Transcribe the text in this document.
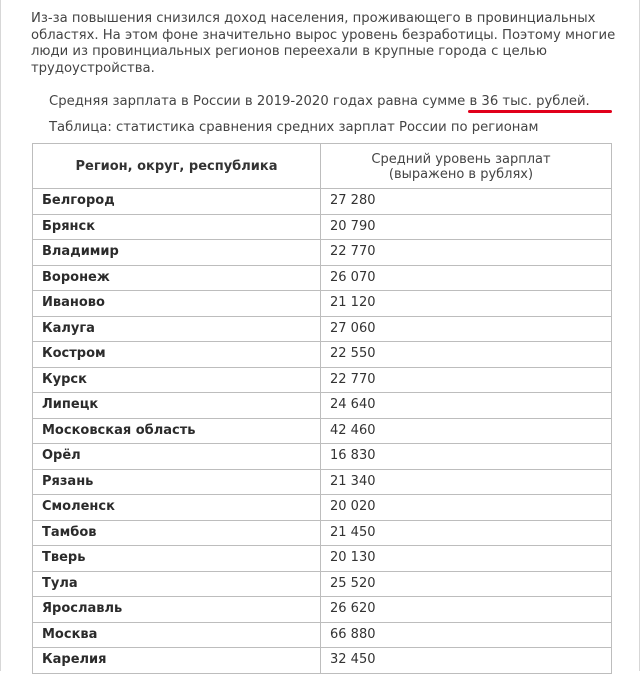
Из-за повышения снизился доход населения, проживающего в провинциальных
областях. На этом фоне значительно вырос уровень безработицы. Поэтому многие
люди из провинциальных регионов переехали в крупные города с целью
трудоустройства.
Средняя зарплата в России в 2019-2020 годах равна сумме в 36 тыс. рублей.
Таблица: статистика сравнения средних зарплат России по регионам
Регион, округ, республика	Средний уровень зарплат (выражено в рублях)
Белгород	27 280
Брянск	20 790
Владимир	22 770
Воронеж	26 070
Иваново	21 120
Калуга	27 060
Костром	22 550
Курск	22 770
Липецк	24 640
Московская область	42 460
Орёл	16 830
Рязань	21 340
Смоленск	20 020
Тамбов	21 450
Тверь	20 130
Тула	25 520
Ярославль	26 620
Москва	66 880
Карелия	32 450
